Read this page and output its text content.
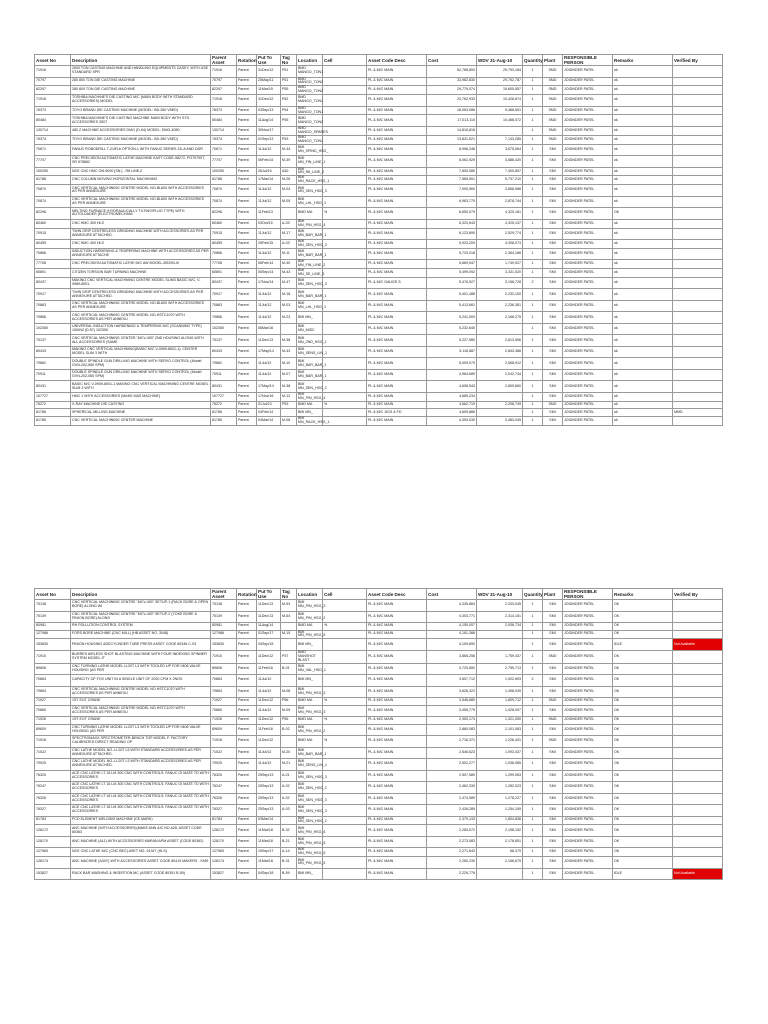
Asset No	Description	Parent Asset	Rotation	Put To Use	Tag No	Location	Cell	Asset Code Desc	Cost	WDV 31-Aug-10	Quantity	Plant	RESPONSIBLE PERSON	Remarks	Verified By
71916	2600 TON CASTING MACHINE AND HANDLING EQUIPMENTS CASEY, WITH USE STANDARD SPR	71916	Parent	31Dec/12	P51	BMD MANGO_TON1		PL & M/C MAIN	52,768,893	25,793,184	1	SMD	JOGINDER PATEL	ok	
70797	280 800 TON DIE CASTING MACHINE	70797	Parent	25May/11	P51	BMD MANGO_TON2		PL & M/C MAIN	33,982,830	29,752,787	1	SMD	JOGINDER PATEL	ok	
82297	280 800 TON DIE CASTING MACHINE	82297	Parent	11Mar/15	P55	BMD MANGO_TON2		PL & M/C MAIN	29,779,074	15,605,557	1	SMD	JOGINDER PATEL	ok	
71918	TOSHIBA MACHINE'S DIE CASTING M/C (MAIN BODY WITH STANDARD ACCESSORIES) MODEL	71918	Parent	31Dec/12	P52	BMD MANGO_TON1		PL & M/C MAIN	23,762,933	10,426,674	1	SMD	JOGINDER PATEL	ok	
76373	TOYO BRAND DIE CASTING MACHINE (MODEL: BD-350 V5ED)	76373	Parent	03Sep/13	P54	BMD MANGO_TON1		PL & M/C MAIN	18,063,086	9,468,501	1	SMD	JOGINDER PATEL	ok	
80484	TOSHIBA MACHINE'S DIE CASTING MACHINE MAIN BODY WITH STD. ACCESSORIES 350T	80484	Parent	11Aug/14	P55	BMD MANGO_TON2		PL & M/C MAIN	17,013,110	10,468,072	1	SMD	JOGINDER PATEL	ok	
130714	480 Z MACHINE ACCESSORIES DMG (D-94) MODEL: DMG-4050	130714	Parent	30Nov/17		BMD MANGO_SPARES		PL & M/C MAIN	14,816,816		1	SMD	JOGINDER PATEL	ok	
76374	TOYO BRAND DIE CASTING MACHINE (MODEL: BD-350 V5ED)	76374	Parent	01Sep/13	P53	BMD MANGO_TON1		PL & M/C MAIN	13,831,521	7,143,285	1	SMD	JOGINDER PATEL	ok	
70671	FANUC ROBODRILL T-21iFLb OPTION-1 WITH FANUC SERIES 31i-A AND DDR	70671	Parent	11Jul/12	M-34	BMI MN_SPIND_HSG_		PL & M/C MAIN	8,996,248	3,675,064	1	SMI	JOGINDER PATEL	ok	
77707	CNC PRECISION AUTOMATIC LATHE MACHINE KAST CODE-98272, PO70790T, SR 578862	77707	Parent	06Feb/14	M-39	BMI MN_FIN_LINE_1		PL & M/C MAIN	8,061,929	3,888,420	1	SMI	JOGINDER PATEL	ok	
100250	NCE CNC HMC OM 8000 [SN.] - R8 LINE-2	100250	Parent	28Jul/15	A30	BMI MN_R8_LINE_2		PL & M/C MAIN	7,800,080	7,400,897	1	SMI	JOGINDER PATEL	ok	
81788	CNC COLUMN MOVING HORIZONTAL MACHINING	81788	Parent	17Mar/14	M-26	BMI MN_RACK_HSG_1		PL & M/C MAIN	7,565,501	5,737,210	1	SMI	JOGINDER PATEL	ok	
70870	CNC VERTICAL MACHINING CENTRE MODEL NO-BL600 WITH ACCESSORIES AS PER ANNEXURE	70870	Parent	11Jul/12	M-04	BMI MN_SEN_HSG_3		PL & M/C MAIN	7,000,960	3,858,986	1	SMI	JOGINDER PATEL	ok	
70874	CNC VERTICAL MACHINING CENTRE MODEL NO-BL600 WITH ACCESSORIES AS PER ANNEXURE	70874	Parent	11Jul/12	M-05	BMI MN_LHL_HSG_1		PL & M/C MAIN	6,963,770	2,878,744	1	SMI	JOGINDER PATEL	ok	
82296	MELTING FURNACE (HYDRAULICALLY TILTING/PLUG TYPE) WITH AUTOLOADER (ELECTROMECHANI	82296	Parent	11Feb/13		BMD MA	%	PL & M/C MAIN	6,650,079	4,325,161	1	SMI	JOGINDER PATEL	OK	
80460	CNC HMC 400 HLS	80460	Parent	03Oct/15	A-03	BMI MN_PIN_HSG_4		PL & M/C MAIN	6,320,643	4,325,137	1	SMI	JOGINDER PATEL	ok	
70915	TWIN GRIP CENTRELESS GRINDING MACHINE WITH ACCESSORIES AS PER ANNEXURE ATTACHED.	70915	Parent	11Jul/12	M-17	BMI MN_BAR_BAR_1		PL & M/C MAIN	6,123,890	2,529,774	1	SMI	JOGINDER PATEL	ok	
80459	CNC HMC 400 HLS	80459	Parent	25Feb/15	A-03	BMI MN_SEN_HSG_3		PL & M/C MAIN	5,923,209	4,308,073	1	SMI	JOGINDER PATEL	ok	
70866	INDUCTION HARDENING & TEMPERING MACHINE WITH ACCESSORIES AS PER ANNEXURE ATTACHE	70866	Parent	11Jul/12	M-11	BMI MN_BAR_BAR_1		PL & M/C MAIN	5,733,018	2,364,186	1	SMI	JOGINDER PATEL	ok	
77708	CNC PRECISION AUTOMATIC LATHE M/C AW MODEL-BS20N-III	77708	Parent	06Feb/14	M-40	BMI MN_FIN_LINE_2		PL & M/C MAIN	5,669,547	1,749,927	1	SMI	JOGINDER PATEL	ok	
60691	CITIZEN TORSION BAR TURNING MACHINE	60691	Parent	05Sep/14	M-43	BMI MN_SE_LINE_3		PL & M/C MAIN	5,499,092	3,331,020	1	SMI	JOGINDER PATEL	ok	
80437	MAKINO CNC VERTICAL MACHINING CENTRE MODEL SLIM3 BASIC M/C, V-0989-8001-	80437	Parent	17Nov/14	M-47	BMI MN_SEN_HSG_3		PL & M/C GAUGE S	5,476,527	3,158,728	2	SMI	JOGINDER PATEL	ok	
70917	TWIN GRIP CENTRELESS GRINDING MACHINE WITH ACCESSORIES AS PER ANNEXURE ATTACHED.	70917	Parent	11Jul/12	M-18	BMI MN_BAR_BAR_1		PL & M/C MAIN	5,401,488	2,232,100	1	SMI	JOGINDER PATEL	ok	
70863	CNC VERTICAL MACHINING CENTRE MODEL NO-BL600 WITH ACCESSORIES AS PER ANNEXURE	70863	Parent	11Jul/12	M-03	BMI MN_LHL_HSG_1		PL & M/C MAIN	5,413,661	2,236,381	1	SMI	JOGINDER PATEL	ok	
70866	CNC VERTICAL MACHINING CENTRE MODEL NO-HSTC1070 WITH ACCESSORIES AS PER ANNEXU	70866	Parent	11Jul/12	M-23	BMI MN_		PL & M/C MAIN	5,241,509	2,168,275	1	SMI	JOGINDER PATEL	ok	
102350	UNIVERSAL INDUCTION HARDENING & TEMPERING M/C (SCANNING TYPE) 150KW (D-57) 102350	102350	Parent	06Mar/16		BMI MN_MISC		PL & M/C MAIN	5,232,640		1	SMI	JOGINDER PATEL	ok	
75137	CNC VERTICAL MACHINING CENTER "MCV-400" 2ND HOUSING ALONG WITH ALL ACCESSORIES (SAME	75137	Parent	11Dec/13	M-38	BMI MN_2ND_HSG_1		PL & M/C MAIN	5,227,980	2,813,596	1	SMI	JOGINDER PATEL	ok	
80433	MAKINO CNC VERTICAL MACHINING(BASIC M/C V-0909-8001-1), CENTER MODEL SLIM 3 WITH	80433	Parent	17May/14	M-43	BMI MN_SENS_LIN_1		PL & M/C MAIN	5,116,887	2,843,386	1	SMI	JOGINDER PATEL	ok	
70862	DOUBLE SPINDLE GUN DRILLING MACHINE WITH SERVO CONTROL (Model GVN-202-060 SPM)	70862	Parent	11Jul/12	M-10	BMI MN_BAR_BAR_1		PL & M/C MAIN	5,009,070	2,068,912	1	SMI	JOGINDER PATEL	ok	
70911	DOUBLE SPINDLE GUN DRILLING MACHINE WITH SERVO CONTROL (Model GVN-202-060 SPM)	70911	Parent	11Jul/12	M-07	BMI MN_BAR_BAR_1		PL & M/C MAIN	4,964,689	2,042,744	1	SMI	JOGINDER PATEL	ok	
80431	BASIC M/C V-0909-8001-1 MAKINO CNC VERTICAL MACHINING CENTRE MODEL SLIM 3 WITH	80431	Parent	17May/14	M-38	BMI MN_SEN_HSG_2		PL & M/C MAIN	4,608,543	2,809,660	1	SMI	JOGINDER PATEL	ok	
107727	HMC 1 WITH ACCESSORIES (MAKE MAS MACHINE)	107727	Parent	17Nov/16	M-12	BMI MN_PIN_HSG_4		PL & M/C MAIN	4,689,234		1	SMI	JOGINDER PATEL	ok	
76272	X-RAY MACHINE DIE CASTING	76272	Parent	01Jul/13	P53	BMD MA	%	PL & M/C MAIN	4,662,719	2,208,749	1	SMD	JOGINDER PATEL	ok	
81786	SPHERICAL MILLING MACHINE	81786	Parent	04Feb/14		BMI MN_		PL & M/C JIGS & FD	4,609,886		1	SMI	JOGINDER PATEL	ok	MMD
81785	CNC VERTICAL MACHINING CENTER MACHINE	81785	Parent	04Mar/14	M-06	BMI MN_RACK_HSG_1		PL & M/C MAIN	4,393,030	3,483,049	1	SMI	JOGINDER PATEL	ok	
Asset No	Description	Parent Asset	Rotation	Put To Use	Tag No	Location	Cell	Asset Code Desc	Cost	WDV 31-Aug-10	Quantity	Plant	RESPONSIBLE PERSON	Remarks	Verified By
75138	CNC VERTICAL MACHINING CENTRE "MCV-400" SETUP-1 (RACK BORE & OPEN BORE) ALONG WI	75138	Parent	11Dec/13	M-53	BMI MN_PIN_HSG_3		PL & M/C MAIN	4,335,884	2,333,045	1	SMI	JOGINDER PATEL	OK	
75139	CNC VERTICAL MACHINING CENTRE "MCV-400" SETUP-2 (YOKE BORE & PINION BORE) ALONG	75139	Parent	11Dec/13	M-54	BMI MN_PIN_HSG_2		PL & M/C MAIN	4,303,771	2,314,151	1	SMI	JOGINDER PATEL	OK	
80981	RH POLLUTION CONTROL SYSTEM	80981	Parent	11Aug/14		BMD MA	%	PL & M/C MAIN	4,150,007	2,936,734	1	SMI	JOGINDER PATEL	OK	
127986	FORS BORE MACHINE (CNC MILL) (HB ASSET NO. 3048)	127986	Parent	01Sep/17	M-15	BMI MN_PIN_HSG_5		PL & M/C MAIN	4,161,386		1	SMI	JOGINDER PATEL	OK	
153830	PINION HOUSING &DECYLINDER TUBE PRESS ASSET CODE 80346 C-03	153830	Parent	04Sep/18		BMI MN_		PL & M/C MAIN	4,109,890		1	SMI	JOGINDER PATEL	IDLE	Not Available
71910	BURRES AIRLESS SHOT BLASTING MACHINE WITH FOUR INDEXING SPINNER SYSTEM MODEL-IT	71910	Parent	11Dec/12	P37	BMD MANSHOT BLAST		PL & M/C MAIN	3,865,256	1,759,437	1	SMD	JOGINDER PATEL	OK	
89606	CNC TURNING LATHE MODEL LL20T L3 WITH TOOLED UP FOR 0406 VALVE HOUSING (AS PER	89606	Parent	11Feb/16	B-01	BMI MN_VAL_HSG_1		PL & M/C MAIN	3,720,850	2,759,713	1	SMI	JOGINDER PATEL	OK	
70863	CAPACITY OF FOV UNIT IN A SINGLE UNIT OF 2020 CFM X 2NOS	70863	Parent	11Jul/12		BMI MN_		PL & M/C MAIN	3,607,712	1,922,693	2	SMI	JOGINDER PATEL	OK	
70864	CNC VERTICAL MACHINING CENTRE MODEL NO-HSTC1070 WITH ACCESSORIES AS PER ANNEXU	70864	Parent	11Jul/12	M-08	BMI MN_PIN_HSG_3		PL & M/C MAIN	3,626,322	1,498,039	1	SMI	JOGINDER PATEL	OK	
71927	1ST EOT CRANE	71927	Parent	11Dec/12	P56	BMD MA	%	PL & M/C MAIN	3,546,880	1,809,712	1	SMD	JOGINDER PATEL	OK	
70865	CNC VERTICAL MACHINING CENTRE MODEL NO-HSTC1070 WITH ACCESSORIES AS PER ANNEXU	70865	Parent	11Jul/12	M-09	BMI MN_PIN_HSG_3		PL & M/C MAIN	3,459,779	1,428,097	1	SMI	JOGINDER PATEL	OK	
71926	1ST EOT CRANE	71926	Parent	11Dec/12	P56	BMD MA	%	PL & M/C MAIN	2,953,174	1,321,050	1	SMD	JOGINDER PATEL	OK	
89609	CNC TURNING LATHE MODEL LL20T L3 WITH TOOLED UP FOR 0406 VALVE HOUSING (AS PER	89609	Parent	11Feb/16	B-02	BMI MN_PIN_HSG_2		PL & M/C MAIN	2,860,083	2,101,083	1	SMI	JOGINDER PATEL	OK	
71916	SPECTROMAXX SPECTROMETER-BENCH TOP MODEL F. FACTORY CALIBRATED DIRECT READING OP	71916	Parent	11Dec/12		BMD MA	%	PL & M/C MAIN	2,716,371	1,226,431	1	SMD	JOGINDER PATEL	OK	
71022	CNC LATHE MODEL NO.-LL20T L5 WITH STANDARD ACCESSORIES AS PER ANNEXURE ATTACHED.	71022	Parent	11Jul/12	M-20	BMI MN_BAR_BAR_1		PL & M/C MAIN	2,646,623	1,093,437	1	SMI	JOGINDER PATEL	OK	
70925	CNC LATHE MODEL NO.-LL20T L3 WITH STANDARD ACCESSORIES AS PER ANNEXURE ATTACHED.	70925	Parent	11Jul/12	M-21	BMI MN_SENS_LIN_1		PL & M/C MAIN	2,502,277	1,036,085	1	SMI	JOGINDER PATEL	OK	
76325	ACE CNC LATHE LT 16 LM 300 CNC WITH CONTROLS: FANUC OI MATE TD WITH ACCESSORIES	76325	Parent	25Sep/13	A-01	BMI MN_SEN_HSG_3		PL & M/C MAIN	2,507,589	1,299,063	1	SMI	JOGINDER PATEL	OK	
76247	ACE CNC LATHE LT 16 LM 300 CNC WITH CONTROLS: FANUC OI MATE TD WITH ACCESSORIES	76247	Parent	25Sep/13	A-02	BMI MN_SEN_HSG_2		PL & M/C MAIN	2,462,339	1,282,023	1	SMI	JOGINDER PATEL	OK	
76326	ACE CNC LATHE LT 16 LM 300 CNC WITH CONTROLS: FANUC OI MATE TD WITH ACCESSORIES	76326	Parent	25Sep/13	A-02	BMI MN_SEN_HSG_3		PL & M/C MAIN	2,474,989	1,278,227	1	SMI	JOGINDER PATEL	OK	
76327	ACE CNC LATHE LT 16 LM 300 CNC WITH CONTROLS: FANUC OI MATE TD WITH ACCESSORIES	76327	Parent	25Sep/13	A-03	BMI MN_SEN_HSG_3		PL & M/C MAIN	2,426,289	1,254,159	1	SMI	JOGINDER PATEL	OK	
81783	PCD ELEMENT WELDING MACHINE (CE MARK)	81783	Parent	03Mar/14		BMI MN_SEN_HSG_2		PL & M/C MAIN	2,379,133	1,804,836	1	SMI	JOGINDER PATEL	OK	
128172	ANC MACHINE (WITH ACCESSORIES)(MAKE ANN &IC NO A28, ASSET CODE 80363	128172	Parent	11Mar/18	B-32	BMI MN_PIN_HSG_6		PL & M/C MAIN	2,283,072	2,198,152	1	SMI	JOGINDER PATEL	OK	
128170	ANC MACHINE (A11) WITH ACCESSORIES MARAN APM ASSET (CODE 80362)	128170	Parent	11Mar/18	B-21	BMI MN_PIN_HSG_5		PL & M/C MAIN	2,273,083	2,178,651	1	SMI	JOGINDER PATEL	OK	
127983	NCE CNC LATHE M/C (CNC BEC) ASET NO- 91347 (HLS)	127983	Parent	15Sep/17	A-14	BMI MN_PIN_HSG_5		PL & M/C MAIN	2,271,643	68,379	1	SMI	JOGINDER PATEL	OK	
128174	ANC MACHINE (A30Y) WITH ACCESSORIES ASSET CODE 80419 MAKERS - KMS	128174	Parent	11Mar/18	B-31	BMI MN_PIN_HSG_5		PL & M/C MAIN	2,260,230	2,156,675	1	SMI	JOGINDER PATEL	OK	
153827	RACK BAR WASHING & INSERTION MC (ASSET CODE 80391 B-59)	153827	Parent	04Sep/18	B-59	BMI MN_		PL & M/C MAIN	2,229,776		1	SMI	JOGINDER PATEL	IDLE	Not Available
